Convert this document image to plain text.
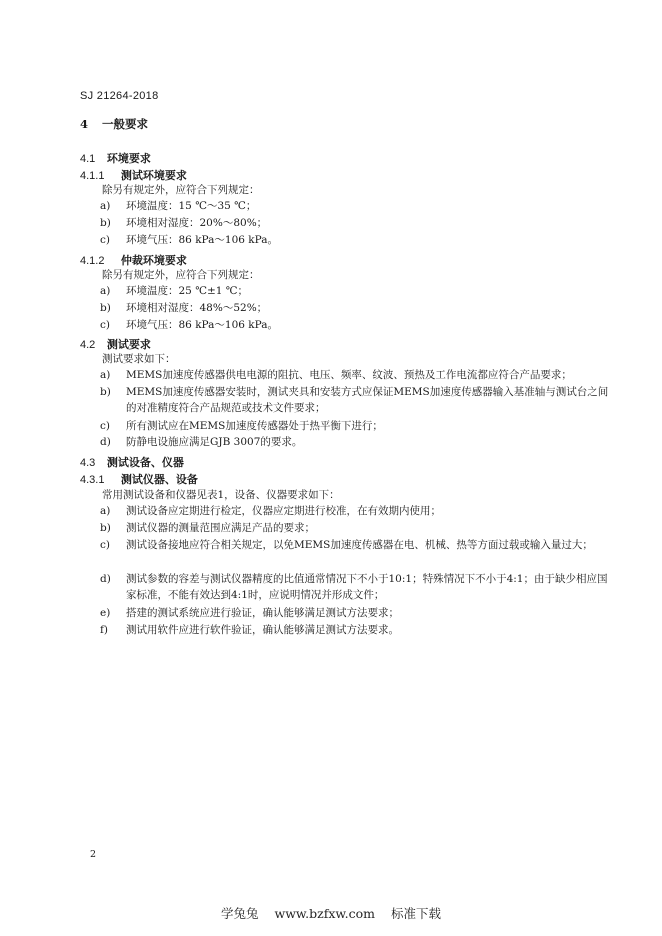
SJ 21264-2018
4 一般要求
4.1 环境要求
4.1.1 测试环境要求
除另有规定外，应符合下列规定：
a)	环境温度：15 ℃～35 ℃；
b)	环境相对湿度：20%～80%；
c)	环境气压：86 kPa～106 kPa。
4.1.2 仲裁环境要求
除另有规定外，应符合下列规定：
a)	环境温度：25 ℃±1 ℃；
b)	环境相对湿度：48%～52%；
c)	环境气压：86 kPa～106 kPa。
4.2 测试要求
测试要求如下：
a)	MEMS加速度传感器供电电源的阻抗、电压、频率、纹波、预热及工作电流都应符合产品要求；
b)	MEMS加速度传感器安装时，测试夹具和安装方式应保证MEMS加速度传感器输入基准轴与测试台之间的对准精度符合产品规范或技术文件要求；
c)	所有测试应在MEMS加速度传感器处于热平衡下进行；
d)	防静电设施应满足GJB 3007的要求。
4.3 测试设备、仪器
4.3.1 测试仪器、设备
常用测试设备和仪器见表1，设备、仪器要求如下：
a)	测试设备应定期进行检定，仪器应定期进行校准，在有效期内使用；
b)	测试仪器的测量范围应满足产品的要求；
c)	测试设备接地应符合相关规定，以免MEMS加速度传感器在电、机械、热等方面过载或输入量过大；
d)	测试参数的容差与测试仪器精度的比值通常情况下不小于10:1；特殊情况下不小于4:1；由于缺少相应国家标准，不能有效达到4:1时，应说明情况并形成文件；
e)	搭建的测试系统应进行验证，确认能够满足测试方法要求；
f)	测试用软件应进行软件验证，确认能够满足测试方法要求。
2
学兔兔 www.bzfxw.com 标准下载
